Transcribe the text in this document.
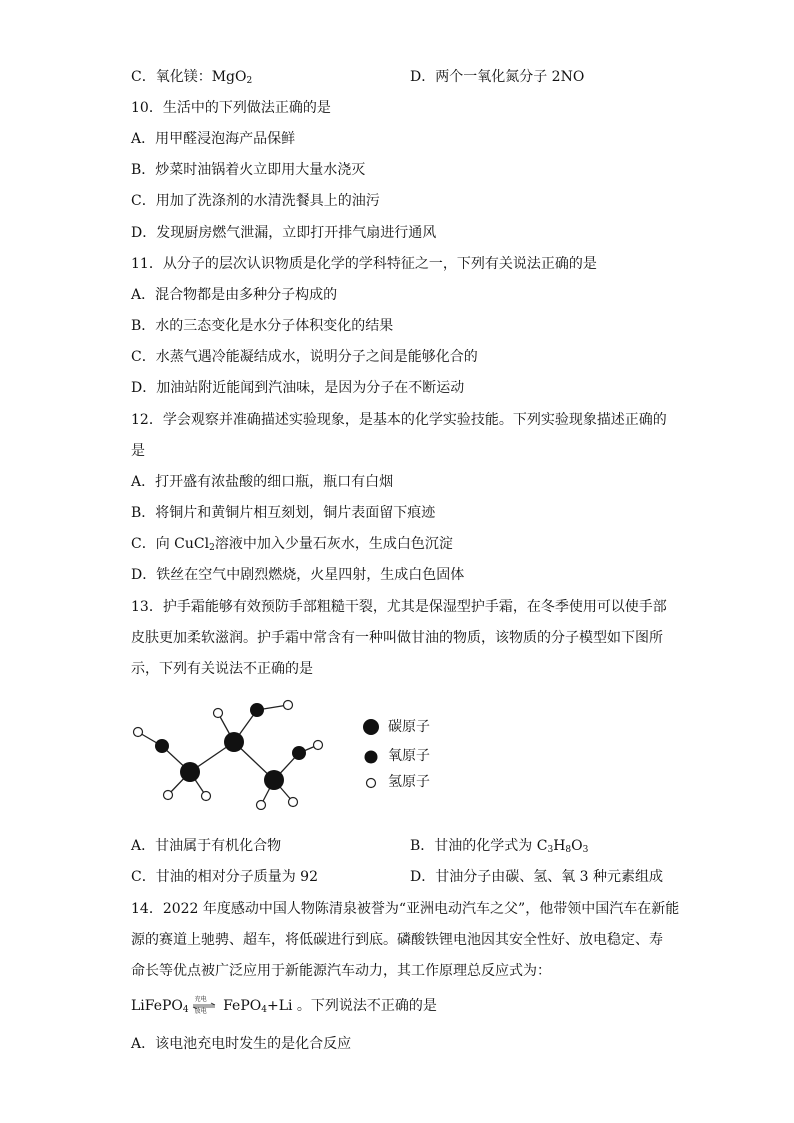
C．氧化镁：MgO$_2$	D．两个一氧化氮分子 2NO
10．生活中的下列做法正确的是
A．用甲醛浸泡海产品保鲜
B．炒菜时油锅着火立即用大量水浇灭
C．用加了洗涤剂的水清洗餐具上的油污
D．发现厨房燃气泄漏，立即打开排气扇进行通风
11．从分子的层次认识物质是化学的学科特征之一，下列有关说法正确的是
A．混合物都是由多种分子构成的
B．水的三态变化是水分子体积变化的结果
C．水蒸气遇冷能凝结成水，说明分子之间是能够化合的
D．加油站附近能闻到汽油味，是因为分子在不断运动
12．学会观察并准确描述实验现象，是基本的化学实验技能。下列实验现象描述正确的
是
A．打开盛有浓盐酸的细口瓶，瓶口有白烟
B．将铜片和黄铜片相互刻划，铜片表面留下痕迹
C．向 CuCl$_2$溶液中加入少量石灰水，生成白色沉淀
D．铁丝在空气中剧烈燃烧，火星四射，生成白色固体
13．护手霜能够有效预防手部粗糙干裂，尤其是保湿型护手霜，在冬季使用可以使手部
皮肤更加柔软滋润。护手霜中常含有一种叫做甘油的物质，该物质的分子模型如下图所
示，下列有关说法不正确的是
碳原子
氧原子
氢原子
A．甘油属于有机化合物	B．甘油的化学式为 $C_3H_8O_3$
C．甘油的相对分子质量为 92	D．甘油分子由碳、氢、氧 3 种元素组成
14．2022 年度感动中国人物陈清泉被誉为“亚洲电动汽车之父”，他带领中国汽车在新能
源的赛道上驰骋、超车，将低碳进行到底。磷酸铁锂电池因其安全性好、放电稳定、寿
命长等优点被广泛应用于新能源汽车动力，其工作原理总反应式为：
LiFePO$_4$
充电
放电 FePO$_4$+Li 。下列说法不正确的是
A．该电池充电时发生的是化合反应
